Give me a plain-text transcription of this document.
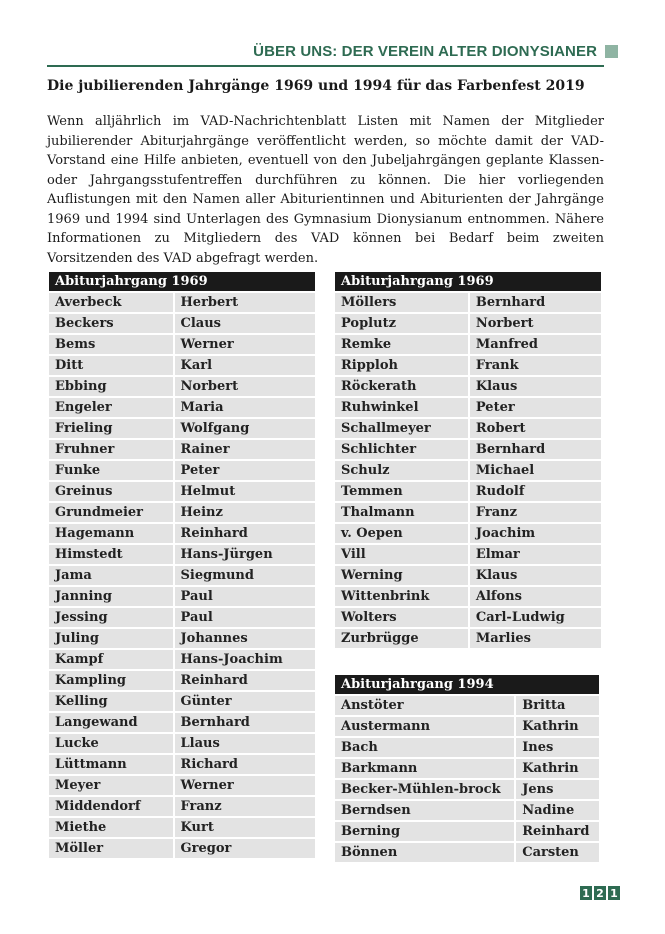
ÜBER UNS: DER VEREIN ALTER DIONYSIANER
Die jubilierenden Jahrgänge 1969 und 1994 für das Farbenfest 2019

Wenn alljährlich im VAD-Nachrichtenblatt Listen mit Namen der Mitglieder jubilierender Abiturjahrgänge veröffentlicht werden, so möchte damit der VAD-Vorstand eine Hilfe anbieten, eventuell von den Jubeljahrgängen geplante Klassen- oder Jahrgangsstufentreffen durchführen zu können. Die hier vorliegenden Auflistungen mit den Namen aller Abiturientinnen und Abiturienten der Jahrgänge 1969 und 1994 sind Unterlagen des Gymnasium Dionysianum entnommen. Nähere Informationen zu Mitgliedern des VAD können bei Bedarf beim zweiten Vorsitzenden des VAD abgefragt werden.

Abiturjahrgang 1969	
Averbeck	Herbert
Beckers	Claus
Bems	Werner
Ditt	Karl
Ebbing	Norbert
Engeler	Maria
Frieling	Wolfgang
Fruhner	Rainer
Funke	Peter
Greinus	Helmut
Grundmeier	Heinz
Hagemann	Reinhard
Himstedt	Hans-Jürgen
Jama	Siegmund
Janning	Paul
Jessing	Paul
Juling	Johannes
Kampf	Hans-Joachim
Kampling	Reinhard
Kelling	Günter
Langewand	Bernhard
Lucke	Llaus
Lüttmann	Richard
Meyer	Werner
Middendorf	Franz
Miethe	Kurt
Möller	Gregor
Abiturjahrgang 1969	
Möllers	Bernhard
Poplutz	Norbert
Remke	Manfred
Ripploh	Frank
Röckerath	Klaus
Ruhwinkel	Peter
Schallmeyer	Robert
Schlichter	Bernhard
Schulz	Michael
Temmen	Rudolf
Thalmann	Franz
v. Oepen	Joachim
Vill	Elmar
Werning	Klaus
Wittenbrink	Alfons
Wolters	Carl-Ludwig
Zurbrügge	Marlies
Abiturjahrgang 1994	
Anstöter	Britta
Austermann	Kathrin
Bach	Ines
Barkmann	Kathrin
Becker-Mühlen-brock	Jens
Berndsen	Nadine
Berning	Reinhard
Bönnen	Carsten
1 2 1
